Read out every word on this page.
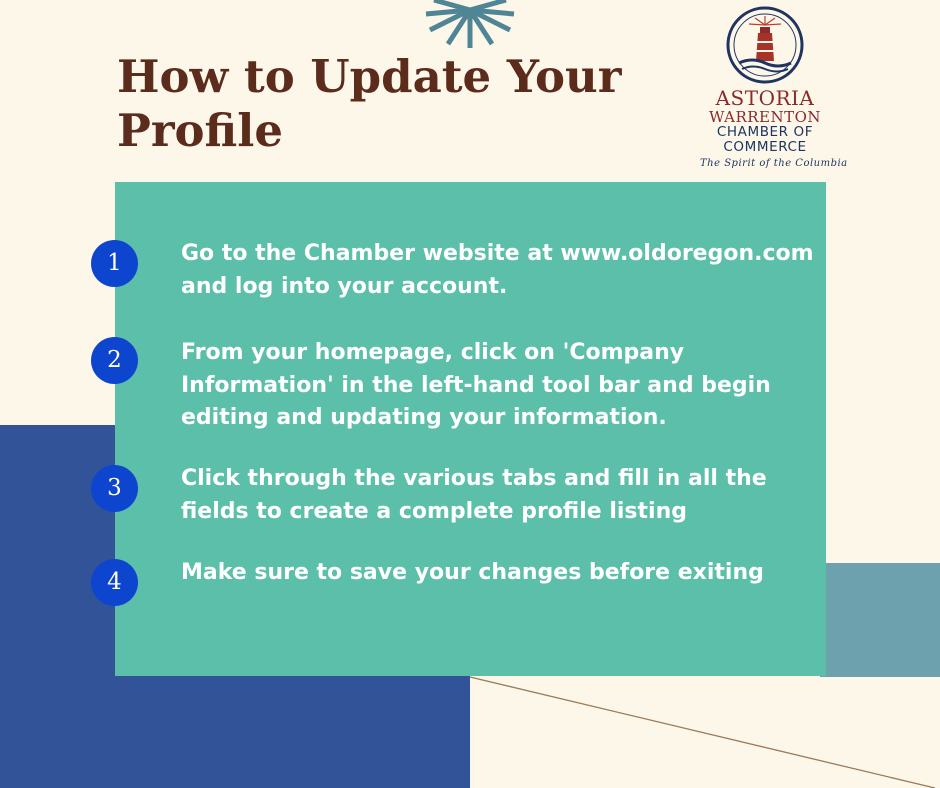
How to Update Your Profile
ASTORIA
WARRENTON
CHAMBER OF
COMMERCE
The Spirit of the Columbia
1	Go to the Chamber website at www.oldoregon.com and log into your account.

2	From your homepage, click on 'Company Information' in the left-hand tool bar and begin editing and updating your information.

3	Click through the various tabs and fill in all the fields to create a complete profile listing

4	Make sure to save your changes before exiting
